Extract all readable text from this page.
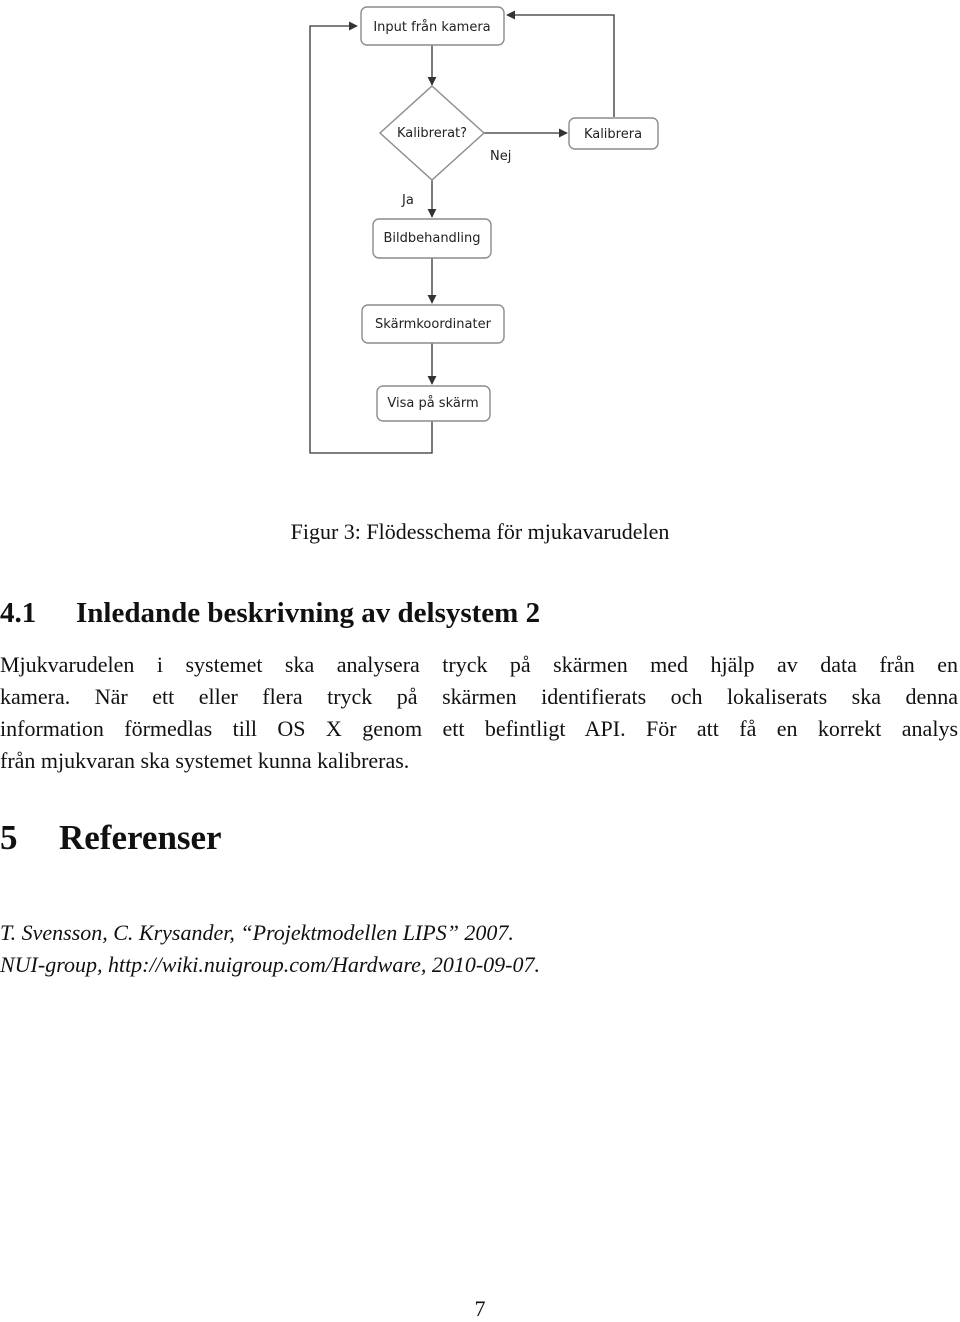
Input från kamera
Kalibrerat?	Kalibrera
Nej
Ja
Bildbehandling
Skärmkoordinater
Visa på skärm

Figur 3: Flödesschema för mjukavarudelen

4.1 Inledande beskrivning av delsystem 2

Mjukvarudelen i systemet ska analysera tryck på skärmen med hjälp av data från en
kamera. När ett eller flera tryck på skärmen identifierats och lokaliserats ska denna
information förmedlas till OS X genom ett befintligt API. För att få en korrekt analys
från mjukvaran ska systemet kunna kalibreras.

5 Referenser
T. Svensson, C. Krysander, “Projektmodellen LIPS” 2007.
NUI-group, http://wiki.nuigroup.com/Hardware, 2010-09-07.
7
